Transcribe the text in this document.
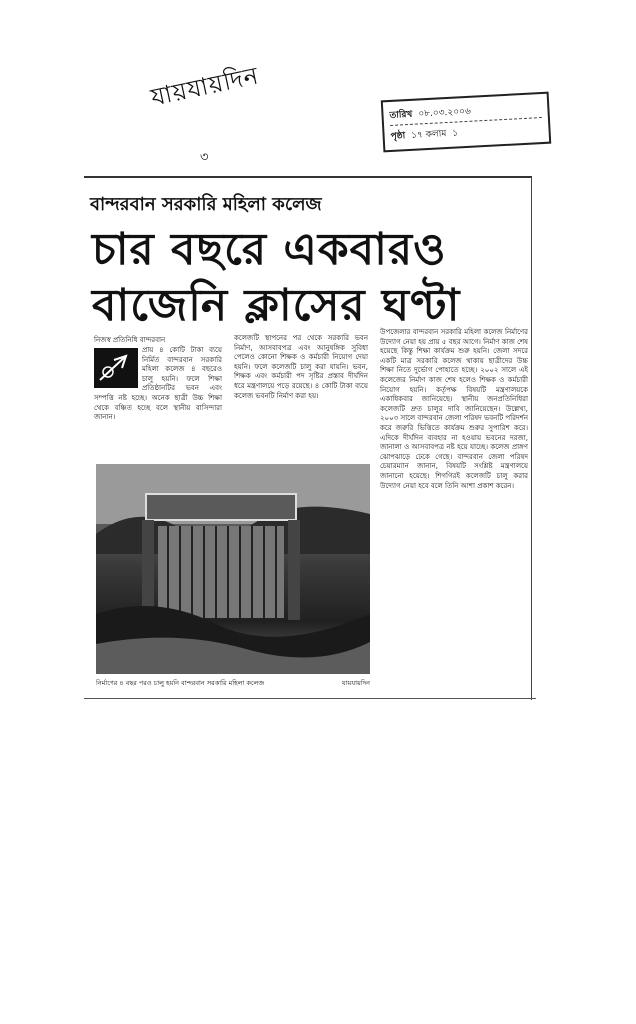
যায়যায়দিন
৩
তারিখ ০৮.০৩.২০০৬
পৃষ্ঠা ১৭ কলাম ১
বান্দরবান সরকারি মহিলা কলেজ
চার বছরে একবারও
বাজেনি ক্লাসের ঘণ্টা
নিজস্ব প্রতিনিধি বান্দরবান
প্রায় ৪ কোটি টাকা ব্যয়ে নির্মিত বান্দরবান সরকারি মহিলা কলেজ ৪ বছরেও চালু হয়নি। ফলে শিক্ষা প্রতিষ্ঠানটির ভবন এবং সম্পত্তি নষ্ট হচ্ছে। অনেক ছাত্রী উচ্চ শিক্ষা থেকে বঞ্চিত হচ্ছে বলে স্থানীয় বাসিন্দারা জানান।
কলেজটি স্থাপনের পর থেকে সরকারি ভবন নির্মাণ, আসবাবপত্র এবং আনুষঙ্গিক সুবিধা পেলেও কোনো শিক্ষক ও কর্মচারী নিয়োগ দেয়া হয়নি। ফলে কলেজটি চালু করা যায়নি। ভবন, শিক্ষক এবং কর্মচারী পদ সৃষ্টির প্রস্তাব দীর্ঘদিন ধরে মন্ত্রণালয়ে পড়ে রয়েছে। ৪ কোটি টাকা ব্যয়ে কলেজ ভবনটি নির্মাণ করা হয়।
উপজেলার বান্দরবান সরকারি মহিলা কলেজ নির্মাণের উদ্যোগ নেয়া হয় প্রায় ৫ বছর আগে। নির্মাণ কাজ শেষ হয়েছে কিন্তু শিক্ষা কার্যক্রম শুরু হয়নি। জেলা সদরে একটি মাত্র সরকারি কলেজ থাকায় ছাত্রীদের উচ্চ শিক্ষা নিতে দুর্ভোগ পোহাতে হচ্ছে। ২০০২ সালে এই কলেজের নির্মাণ কাজ শেষ হলেও শিক্ষক ও কর্মচারী নিয়োগ হয়নি। কর্তৃপক্ষ বিষয়টি মন্ত্রণালয়কে একাধিকবার জানিয়েছে। স্থানীয় জনপ্রতিনিধিরা কলেজটি দ্রুত চালুর দাবি জানিয়েছেন। উল্লেখ্য, ২০০৩ সালে বান্দরবান জেলা পরিষদ ভবনটি পরিদর্শন করে জরুরি ভিত্তিতে কার্যক্রম শুরুর সুপারিশ করে। এদিকে দীর্ঘদিন ব্যবহার না হওয়ায় ভবনের দরজা, জানালা ও আসবাবপত্র নষ্ট হয়ে যাচ্ছে। কলেজ প্রাঙ্গণ ঝোপঝাড়ে ঢেকে গেছে। বান্দরবান জেলা পরিষদ চেয়ারম্যান জানান, বিষয়টি সংশ্লিষ্ট মন্ত্রণালয়ে জানানো হয়েছে। শিগগিরই কলেজটি চালু করার উদ্যোগ নেয়া হবে বলে তিনি আশা প্রকাশ করেন।
নির্মাণের ৪ বছর পরও চালু হয়নি বান্দরবান সরকারি মহিলা কলেজ	যায়যায়দিন
